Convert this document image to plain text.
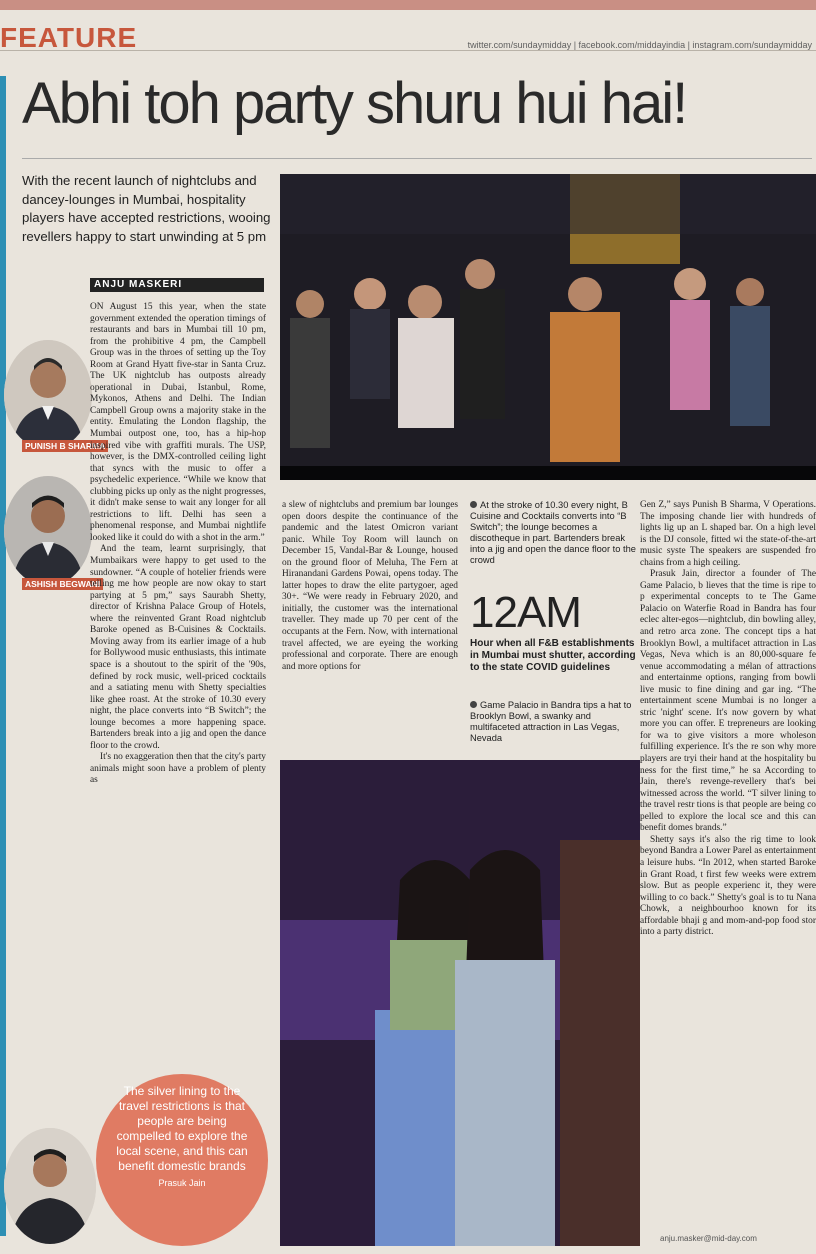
FEATURE	twitter.com/sundaymidday | facebook.com/middayindia | instagram.com/sundaymidday
Abhi toh party shuru hui hai!
With the recent launch of nightclubs and dancey-lounges in Mumbai, hospitality players have accepted restrictions, wooing revellers happy to start unwinding at 5 pm
ANJU MASKERI
PUNISH B SHARMA
ASHISH BEGWANI

ON August 15 this year, when the state government extended the operation timings of restaurants and bars in Mumbai till 10 pm, from the prohibitive 4 pm, the Campbell Group was in the throes of setting up the Toy Room at Grand Hyatt five-star in Santa Cruz. The UK nightclub has outposts already operational in Dubai, Istanbul, Rome, Mykonos, Athens and Delhi. The Indian Campbell Group owns a majority stake in the entity. Emulating the London flagship, the Mumbai outpost one, too, has a hip-hop inspired vibe with graffiti murals. The USP, however, is the DMX-controlled ceiling light that syncs with the music to offer a psychedelic experience. “While we know that clubbing picks up only as the night progresses, it didn't make sense to wait any longer for all restrictions to lift. Delhi has seen a phenomenal response, and Mumbai nightlife looked like it could do with a shot in the arm.”

And the team, learnt surprisingly, that Mumbaikars were happy to get used to the sundowner. “A couple of hotelier friends were telling me how people are now okay to start partying at 5 pm,” says Saurabh Shetty, director of Krishna Palace Group of Hotels, where the reinvented Grant Road nightclub Baroke opened as B-Cuisines & Cocktails. Moving away from its earlier image of a hub for Bollywood music enthusiasts, this intimate space is a shoutout to the spirit of the '90s, defined by rock music, well-priced cocktails and a satiating menu with Shetty specialties like ghee roast. At the stroke of 10.30 every night, the place converts into “B Switch”; the lounge becomes a more happening space. Bartenders break into a jig and open the dance floor to the crowd.

It's no exaggeration then that the city's party animals might soon have a problem of plenty as

At the stroke of 10.30 every night, B Cuisine and Cocktails converts into “B Switch”; the lounge becomes a discotheque in part. Bartenders break into a jig and open the dance floor to the crowd
12AM
Hour when all F&B establishments in Mumbai must shutter, according to the state COVID guidelines
Game Palacio in Bandra tips a hat to Brooklyn Bowl, a swanky and multifaceted attraction in Las Vegas, Nevada

a slew of nightclubs and premium bar lounges open doors despite the continuance of the pandemic and the latest Omicron variant panic. While Toy Room will launch on December 15, Vandal-Bar & Lounge, housed on the ground floor of Meluha, The Fern at Hiranandani Gardens Powai, opens today. The latter hopes to draw the elite partygoer, aged 30+. “We were ready in February 2020, and initially, the customer was the international traveller. They made up 70 per cent of the occupants at the Fern. Now, with international travel affected, we are eyeing the working professional and corporate. There are enough and more options for

Gen Z,” says Punish B Sharma, V Operations. The imposing chande lier with hundreds of lights lig up an L shaped bar. On a high level is the DJ console, fitted wi the state-of-the-art music syste The speakers are suspended fro chains from a high ceiling.

Prasuk Jain, director a founder of The Game Palacio, b lieves that the time is ripe to p experimental concepts to te The Game Palacio on Waterfie Road in Bandra has four eclec alter-egos—nightclub, din bowling alley, and retro arca zone. The concept tips a hat Brooklyn Bowl, a multifacet attraction in Las Vegas, Neva which is an 80,000-square fe venue accommodating a mélan of attractions and entertainme options, ranging from bowli live music to fine dining and gar ing. “The entertainment scene Mumbai is no longer a stric 'night' scene. It's now govern by what more you can offer. E trepreneurs are looking for wa to give visitors a more wholeson fulfilling experience. It's the re son why more players are tryi their hand at the hospitality bu ness for the first time,” he sa According to Jain, there's revenge-revellery that's bei witnessed across the world. “T silver lining to the travel restr tions is that people are being co pelled to explore the local sce and this can benefit domes brands.”

Shetty says it's also the rig time to look beyond Bandra a Lower Parel as entertainment a leisure hubs. “In 2012, when started Baroke in Grant Road, t first few weeks were extrem slow. But as people experienc it, they were willing to co back.” Shetty's goal is to tu Nana Chowk, a neighbourhoo known for its affordable bhaji g and mom-and-pop food stor into a party district.

The silver lining to the travel restrictions is that people are being compelled to explore the local scene, and this can benefit domestic brands
Prasuk Jain
anju.masker@mid-day.com
